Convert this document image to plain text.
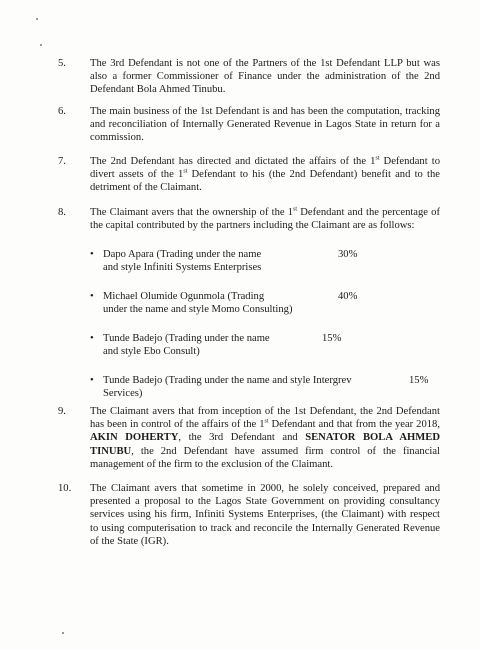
5.	The 3rd Defendant is not one of the Partners of the 1st Defendant LLP but was also a former Commissioner of Finance under the administration of the 2nd Defendant Bola Ahmed Tinubu.
6.	The main business of the 1st Defendant is and has been the computation, tracking and reconciliation of Internally Generated Revenue in Lagos State in return for a commission.
7.	The 2nd Defendant has directed and dictated the affairs of the 1st Defendant to divert assets of the 1st Defendant to his (the 2nd Defendant) benefit and to the detriment of the Claimant.
8.	The Claimant avers that the ownership of the 1st Defendant and the percentage of the capital contributed by the partners including the Claimant are as follows:
• Dapo Apara (Trading under the name
and style Infiniti Systems Enterprises
30%
• Michael Olumide Ogunmola (Trading
under the name and style Momo Consulting)
40%
• Tunde Badejo (Trading under the name
and style Ebo Consult)
15%
• Tunde Badejo (Trading under the name and style Intergrev
Services)
15%
9.	The Claimant avers that from inception of the 1st Defendant, the 2nd Defendant has been in control of the affairs of the 1st Defendant and that from the year 2018, AKIN DOHERTY, the 3rd Defendant and SENATOR BOLA AHMED TINUBU, the 2nd Defendant have assumed firm control of the financial management of the firm to the exclusion of the Claimant.
10.	The Claimant avers that sometime in 2000, he solely conceived, prepared and presented a proposal to the Lagos State Government on providing consultancy services using his firm, Infiniti Systems Enterprises, (the Claimant) with respect to using computerisation to track and reconcile the Internally Generated Revenue of the State (IGR).
